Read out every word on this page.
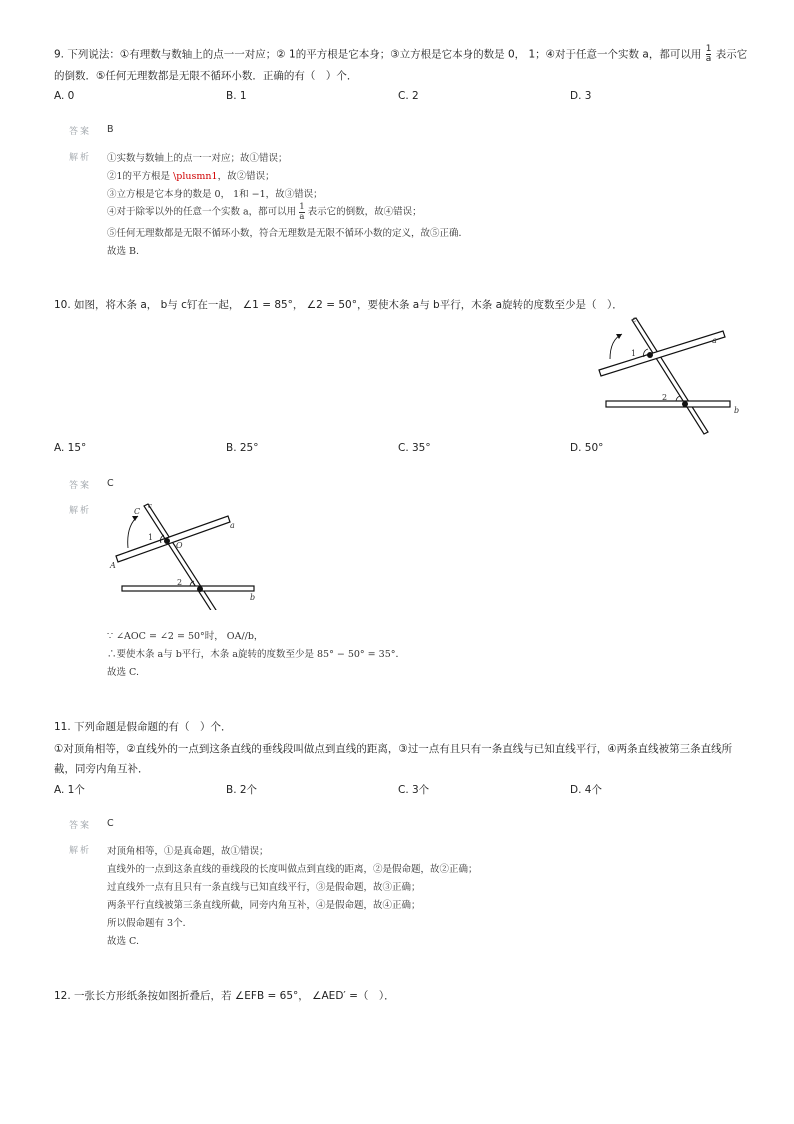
9. 下列说法：①有理数与数轴上的点一一对应；② 1的平方根是它本身；③立方根是它本身的数是 0， 1；④对于任意一个实数 a，都可以用 $\frac{1}{a}$ 表示它
的倒数．⑤任何无理数都是无限不循环小数．正确的有（　）个．
A. 0	B. 1	C. 2	D. 3
答案 B
解析 ①实数与数轴上的点一一对应；故①错误；
②1的平方根是 \plusmn1，故②错误；
③立方根是它本身的数是 0， 1和 −1，故③错误；
④对于除零以外的任意一个实数 a，都可以用 $\frac{1}{a}$ 表示它的倒数，故④错误；
⑤任何无理数都是无限不循环小数，符合无理数是无限不循环小数的定义，故⑤正确．
故选 B.
10. 如图，将木条 a， b与 c钉在一起， ∠1 = 85°， ∠2 = 50°，要使木条 a与 b平行，木条 a旋转的度数至少是（　）．
c
a
b
1
2
A. 15°	B. 25°	C. 35°	D. 50°
答案 C
解析	C
c
a
A
O
b
1
2
∵ ∠AOC = ∠2 = 50°时， OA//b，
∴要使木条 a与 b平行，木条 a旋转的度数至少是 85° − 50° = 35°．
故选 C.
11. 下列命题是假命题的有（　）个．
①对顶角相等，②直线外的一点到这条直线的垂线段叫做点到直线的距离，③过一点有且只有一条直线与已知直线平行，④两条直线被第三条直线所
截，同旁内角互补．
A. 1个	B. 2个	C. 3个	D. 4个
答案 C
解析 对顶角相等，①是真命题，故①错误；
直线外的一点到这条直线的垂线段的长度叫做点到直线的距离，②是假命题，故②正确；
过直线外一点有且只有一条直线与已知直线平行，③是假命题，故③正确；
两条平行直线被第三条直线所截，同旁内角互补，④是假命题，故④正确；
所以假命题有 3个．
故选 C.
12. 一张长方形纸条按如图折叠后，若 ∠EFB = 65°， ∠AED′ =（　）．
